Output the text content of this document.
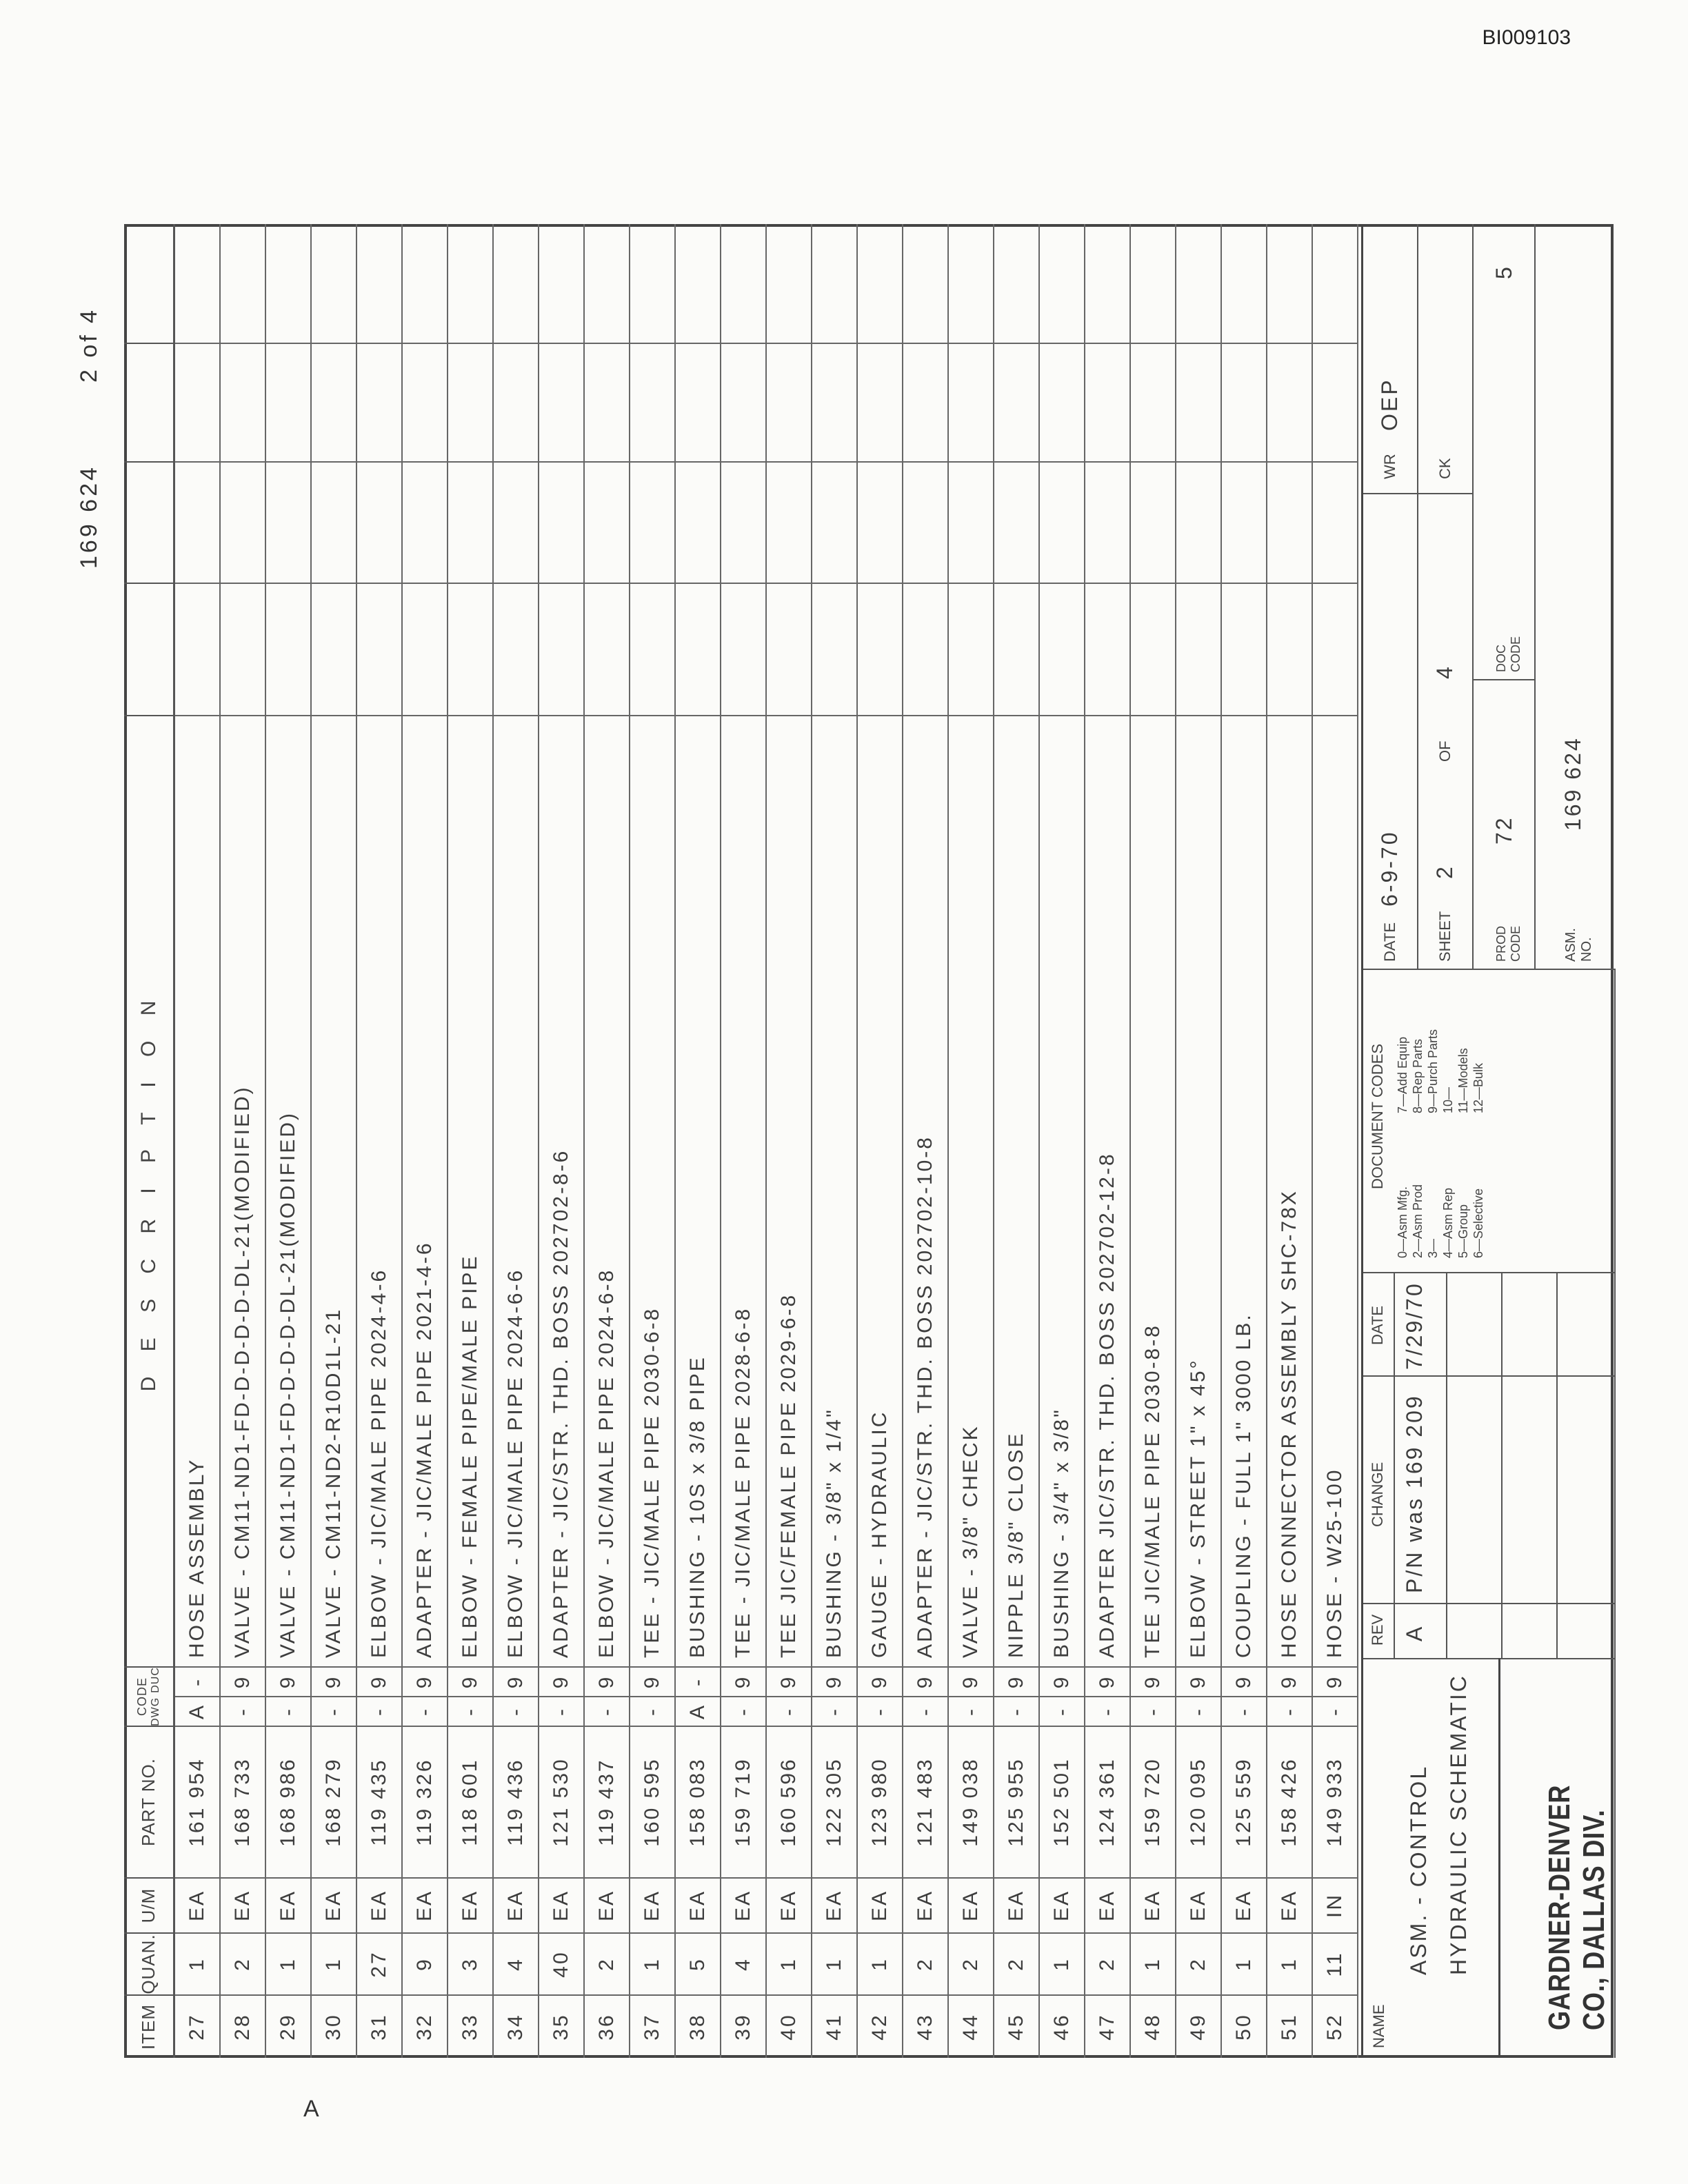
BI009103
A
169 624
2 of 4
ITEM
QUAN.
U/M
PART NO.
CODE DWG
DUC
D E S C R I P T I O N
27
1
EA
161 954
A
-
HOSE ASSEMBLY
28
2
EA
168 733
-
9
VALVE - CM11-ND1-FD-D-D-D-D-DL-21(MODIFIED)
29
1
EA
168 986
-
9
VALVE - CM11-ND1-FD-D-D-D-DL-21(MODIFIED)
30
1
EA
168 279
-
9
VALVE - CM11-ND2-R10D1L-21
31
27
EA
119 435
-
9
ELBOW - JIC/MALE PIPE 2024-4-6
32
9
EA
119 326
-
9
ADAPTER - JIC/MALE PIPE 2021-4-6
33
3
EA
118 601
-
9
ELBOW - FEMALE PIPE/MALE PIPE
34
4
EA
119 436
-
9
ELBOW - JIC/MALE PIPE 2024-6-6
35
40
EA
121 530
-
9
ADAPTER - JIC/STR. THD. BOSS 202702-8-6
36
2
EA
119 437
-
9
ELBOW - JIC/MALE PIPE 2024-6-8
37
1
EA
160 595
-
9
TEE - JIC/MALE PIPE 2030-6-8
38
5
EA
158 083
A
-
BUSHING - 10S x 3/8 PIPE
39
4
EA
159 719
-
9
TEE - JIC/MALE PIPE 2028-6-8
40
1
EA
160 596
-
9
TEE JIC/FEMALE PIPE 2029-6-8
41
1
EA
122 305
-
9
BUSHING - 3/8" x 1/4"
42
1
EA
123 980
-
9
GAUGE - HYDRAULIC
43
2
EA
121 483
-
9
ADAPTER - JIC/STR. THD. BOSS 202702-10-8
44
2
EA
149 038
-
9
VALVE - 3/8" CHECK
45
2
EA
125 955
-
9
NIPPLE 3/8" CLOSE
46
1
EA
152 501
-
9
BUSHING - 3/4" x 3/8"
47
2
EA
124 361
-
9
ADAPTER JIC/STR. THD. BOSS 202702-12-8
48
1
EA
159 720
-
9
TEE JIC/MALE PIPE 2030-8-8
49
2
EA
120 095
-
9
ELBOW - STREET 1" x 45°
50
1
EA
125 559
-
9
COUPLING - FULL 1" 3000 LB.
51
1
EA
158 426
-
9
HOSE CONNECTOR ASSEMBLY SHC-78X
52
11
IN
149 933
-
9
HOSE - W25-100
NAME
ASM. - CONTROL HYDRAULIC SCHEMATIC GARDNER-DENVER CO., DALLAS DIV.
REV A
CHANGE P/N was 169 209
DATE 7/29/70
DOCUMENT CODES
0—Asm Mfg. 2—Asm Prod 3— 4—Asm Rep 5—Group 6—Selective
7—Add Equip 8—Rep Parts 9—Purch Parts 10— 11—Models 12—Bulk
DATE
6-9-70
WR
OEP
SHEET
2
OF
4
CK
PROD CODE
72
DOC CODE
5
ASM. NO.
169 624
